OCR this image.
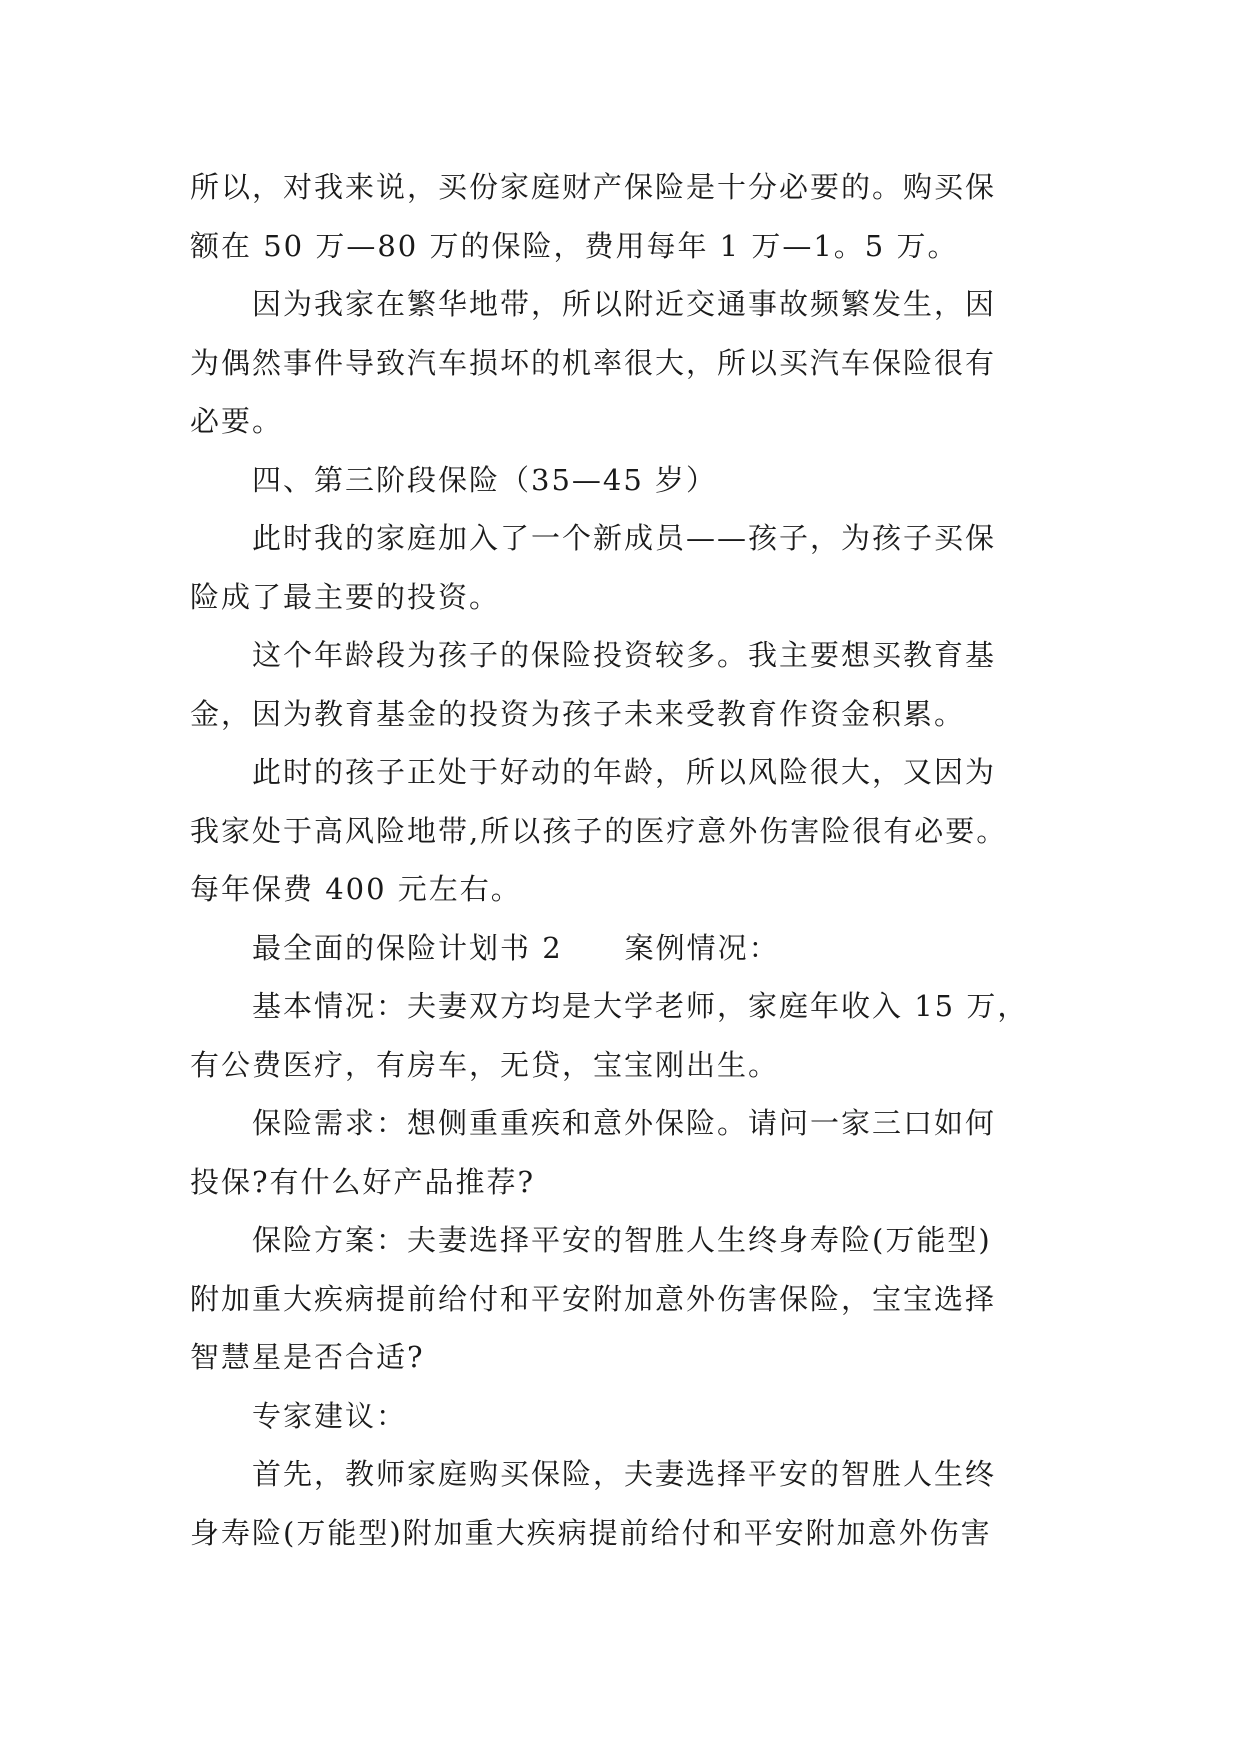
所以，对我来说，买份家庭财产保险是十分必要的。购买保
额在 50 万—80 万的保险，费用每年 1 万—1。5 万。

因为我家在繁华地带，所以附近交通事故频繁发生，因
为偶然事件导致汽车损坏的机率很大，所以买汽车保险很有
必要。

四、第三阶段保险（35—45 岁）

此时我的家庭加入了一个新成员——孩子，为孩子买保
险成了最主要的投资。

这个年龄段为孩子的保险投资较多。我主要想买教育基
金，因为教育基金的投资为孩子未来受教育作资金积累。

此时的孩子正处于好动的年龄，所以风险很大，又因为
我家处于高风险地带,所以孩子的医疗意外伤害险很有必要。
每年保费 400 元左右。

最全面的保险计划书 2　　案例情况：

基本情况：夫妻双方均是大学老师，家庭年收入 15 万，
有公费医疗，有房车，无贷，宝宝刚出生。

保险需求：想侧重重疾和意外保险。请问一家三口如何
投保?有什么好产品推荐?

保险方案：夫妻选择平安的智胜人生终身寿险(万能型)
附加重大疾病提前给付和平安附加意外伤害保险，宝宝选择
智慧星是否合适?

专家建议：

首先，教师家庭购买保险，夫妻选择平安的智胜人生终
身寿险(万能型)附加重大疾病提前给付和平安附加意外伤害
